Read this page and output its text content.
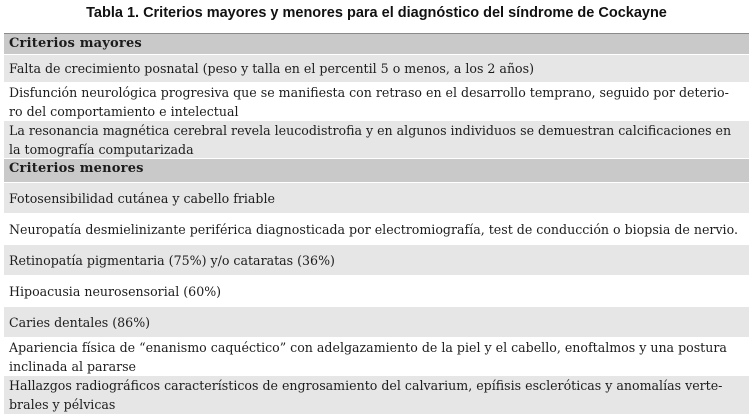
Tabla 1. Criterios mayores y menores para el diagnóstico del síndrome de Cockayne
Criterios mayores
Falta de crecimiento posnatal (peso y talla en el percentil 5 o menos, a los 2 años)
Disfunción neurológica progresiva que se manifiesta con retraso en el desarrollo temprano, seguido por deterio-
ro del comportamiento e intelectual
La resonancia magnética cerebral revela leucodistrofia y en algunos individuos se demuestran calcificaciones en
la tomografía computarizada
Criterios menores
Fotosensibilidad cutánea y cabello friable
Neuropatía desmielinizante periférica diagnosticada por electromiografía, test de conducción o biopsia de nervio.
Retinopatía pigmentaria (75%) y/o cataratas (36%)
Hipoacusia neurosensorial (60%)
Caries dentales (86%)
Apariencia física de “enanismo caquéctico” con adelgazamiento de la piel y el cabello, enoftalmos y una postura
inclinada al pararse
Hallazgos radiográficos característicos de engrosamiento del calvarium, epífisis escleróticas y anomalías verte-
brales y pélvicas
